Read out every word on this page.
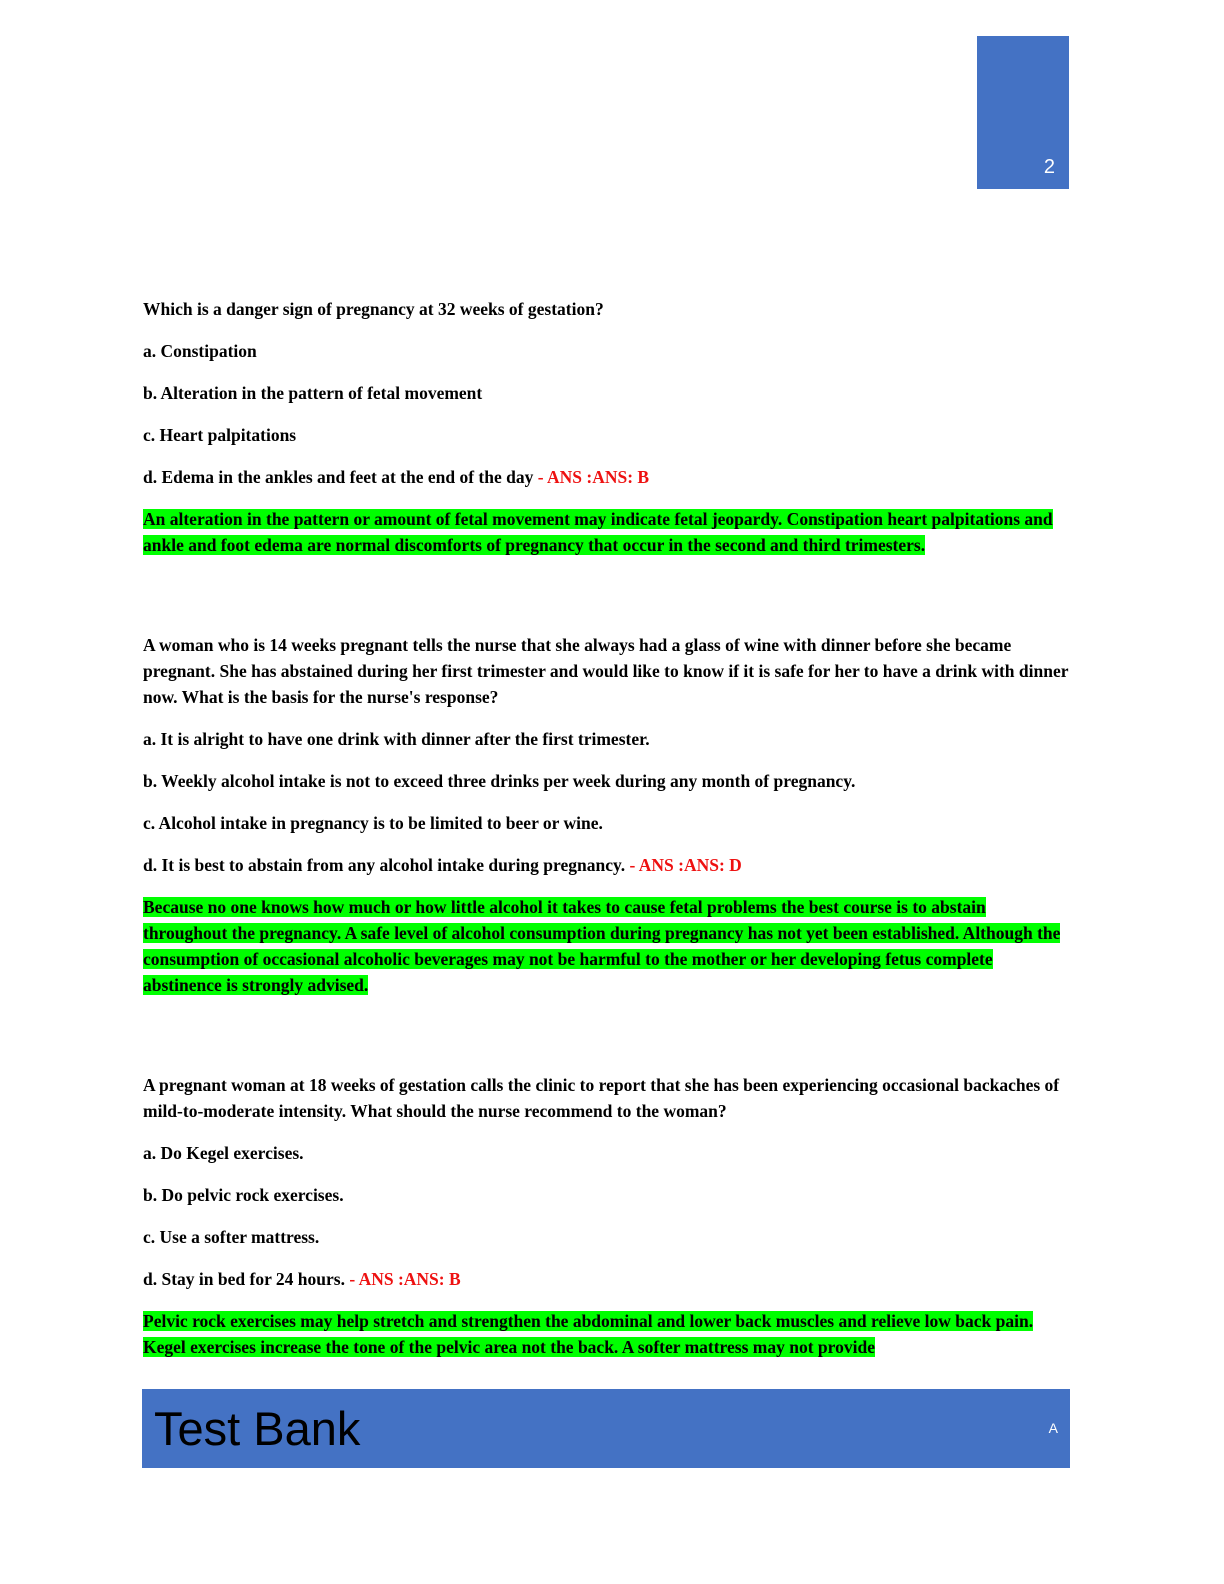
2

Which is a danger sign of pregnancy at 32 weeks of gestation?

a. Constipation

b. Alteration in the pattern of fetal movement

c. Heart palpitations

d. Edema in the ankles and feet at the end of the day - ANS :ANS: B

An alteration in the pattern or amount of fetal movement may indicate fetal jeopardy. Constipation heart palpitations and ankle and foot edema are normal discomforts of pregnancy that occur in the second and third trimesters.

A woman who is 14 weeks pregnant tells the nurse that she always had a glass of wine with dinner before she became pregnant. She has abstained during her first trimester and would like to know if it is safe for her to have a drink with dinner now. What is the basis for the nurse's response?

a. It is alright to have one drink with dinner after the first trimester.

b. Weekly alcohol intake is not to exceed three drinks per week during any month of pregnancy.

c. Alcohol intake in pregnancy is to be limited to beer or wine.

d. It is best to abstain from any alcohol intake during pregnancy. - ANS :ANS: D

Because no one knows how much or how little alcohol it takes to cause fetal problems the best course is to abstain throughout the pregnancy. A safe level of alcohol consumption during pregnancy has not yet been established. Although the consumption of occasional alcoholic beverages may not be harmful to the mother or her developing fetus complete abstinence is strongly advised.

A pregnant woman at 18 weeks of gestation calls the clinic to report that she has been experiencing occasional backaches of mild-to-moderate intensity. What should the nurse recommend to the woman?

a. Do Kegel exercises.

b. Do pelvic rock exercises.

c. Use a softer mattress.

d. Stay in bed for 24 hours. - ANS :ANS: B

Pelvic rock exercises may help stretch and strengthen the abdominal and lower back muscles and relieve low back pain. Kegel exercises increase the tone of the pelvic area not the back. A softer mattress may not provide

Test Bank	A
